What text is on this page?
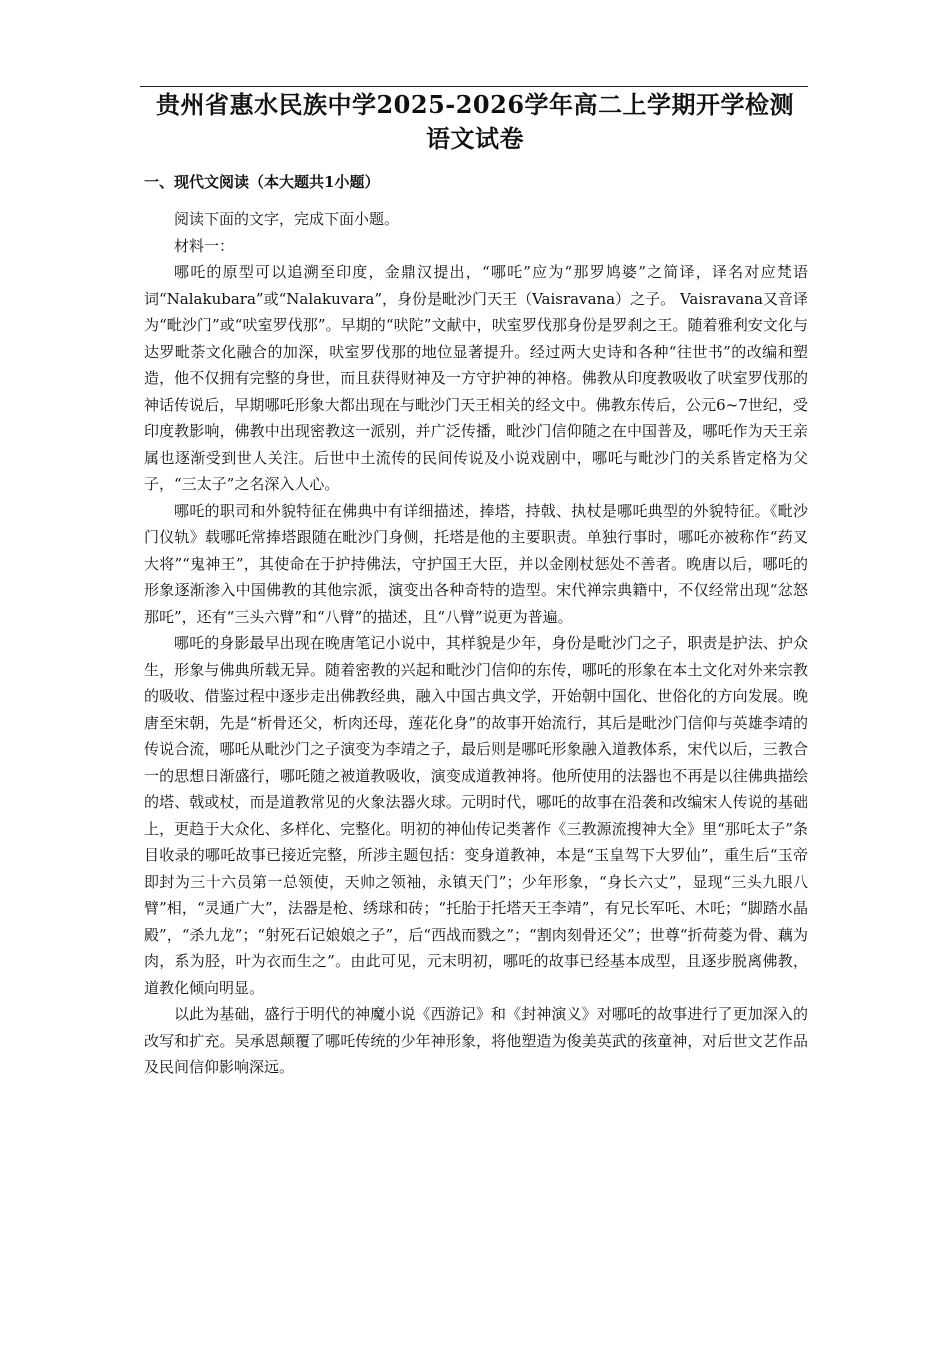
贵州省惠水民族中学2025-2026学年高二上学期开学检测
语文试卷
一、现代文阅读（本大题共1小题）

阅读下面的文字，完成下面小题。

材料一：

哪吒的原型可以追溯至印度，金鼎汉提出，“哪吒”应为“那罗鸠婆”之简译，译名对应梵语词“Nalakubara”或“Nalakuvara”，身份是毗沙门天王（Vaisravana）之子。 Vaisravana又音译为“毗沙门”或“吠室罗伐那”。早期的“吠陀”文献中，吠室罗伐那身份是罗刹之王。随着雅利安文化与达罗毗荼文化融合的加深，吠室罗伐那的地位显著提升。经过两大史诗和各种“往世书”的改编和塑造，他不仅拥有完整的身世，而且获得财神及一方守护神的神格。佛教从印度教吸收了吠室罗伐那的神话传说后，早期哪吒形象大都出现在与毗沙门天王相关的经文中。佛教东传后，公元6~7世纪，受印度教影响，佛教中出现密教这一派别，并广泛传播，毗沙门信仰随之在中国普及，哪吒作为天王亲属也逐渐受到世人关注。后世中土流传的民间传说及小说戏剧中，哪吒与毗沙门的关系皆定格为父子，“三太子”之名深入人心。

哪吒的职司和外貌特征在佛典中有详细描述，捧塔，持戟、执杖是哪吒典型的外貌特征。《毗沙门仪轨》载哪吒常捧塔跟随在毗沙门身侧，托塔是他的主要职责。单独行事时，哪吒亦被称作“药叉大将”“鬼神王”，其使命在于护持佛法，守护国王大臣，并以金刚杖惩处不善者。晚唐以后，哪吒的形象逐渐渗入中国佛教的其他宗派，演变出各种奇特的造型。宋代禅宗典籍中，不仅经常出现“忿怒那吒”，还有“三头六臂”和“八臂”的描述，且“八臂”说更为普遍。

哪吒的身影最早出现在晚唐笔记小说中，其样貌是少年，身份是毗沙门之子，职责是护法、护众生，形象与佛典所载无异。随着密教的兴起和毗沙门信仰的东传，哪吒的形象在本土文化对外来宗教的吸收、借鉴过程中逐步走出佛教经典，融入中国古典文学，开始朝中国化、世俗化的方向发展。晚唐至宋朝，先是“析骨还父，析肉还母，莲花化身”的故事开始流行，其后是毗沙门信仰与英雄李靖的传说合流，哪吒从毗沙门之子演变为李靖之子，最后则是哪吒形象融入道教体系，宋代以后，三教合一的思想日渐盛行，哪吒随之被道教吸收，演变成道教神将。他所使用的法器也不再是以往佛典描绘的塔、戟或杖，而是道教常见的火象法器火球。元明时代，哪吒的故事在沿袭和改编宋人传说的基础上，更趋于大众化、多样化、完整化。明初的神仙传记类著作《三教源流搜神大全》里“那吒太子”条目收录的哪吒故事已接近完整，所涉主题包括：变身道教神，本是“玉皇驾下大罗仙”，重生后“玉帝即封为三十六员第一总领使，天帅之领袖，永镇天门”；少年形象，“身长六丈”，显现“三头九眼八臂”相，“灵通广大”，法器是枪、绣球和砖；“托胎于托塔天王李靖”，有兄长军吒、木吒；“脚踏水晶殿”，“杀九龙”；“射死石记娘娘之子”，后“西战而戮之”；“割肉刻骨还父”；世尊“折荷菱为骨、藕为肉，系为胫，叶为衣而生之”。由此可见，元末明初，哪吒的故事已经基本成型，且逐步脱离佛教，道教化倾向明显。

以此为基础，盛行于明代的神魔小说《西游记》和《封神演义》对哪吒的故事进行了更加深入的改写和扩充。吴承恩颠覆了哪吒传统的少年神形象，将他塑造为俊美英武的孩童神，对后世文艺作品及民间信仰影响深远。
